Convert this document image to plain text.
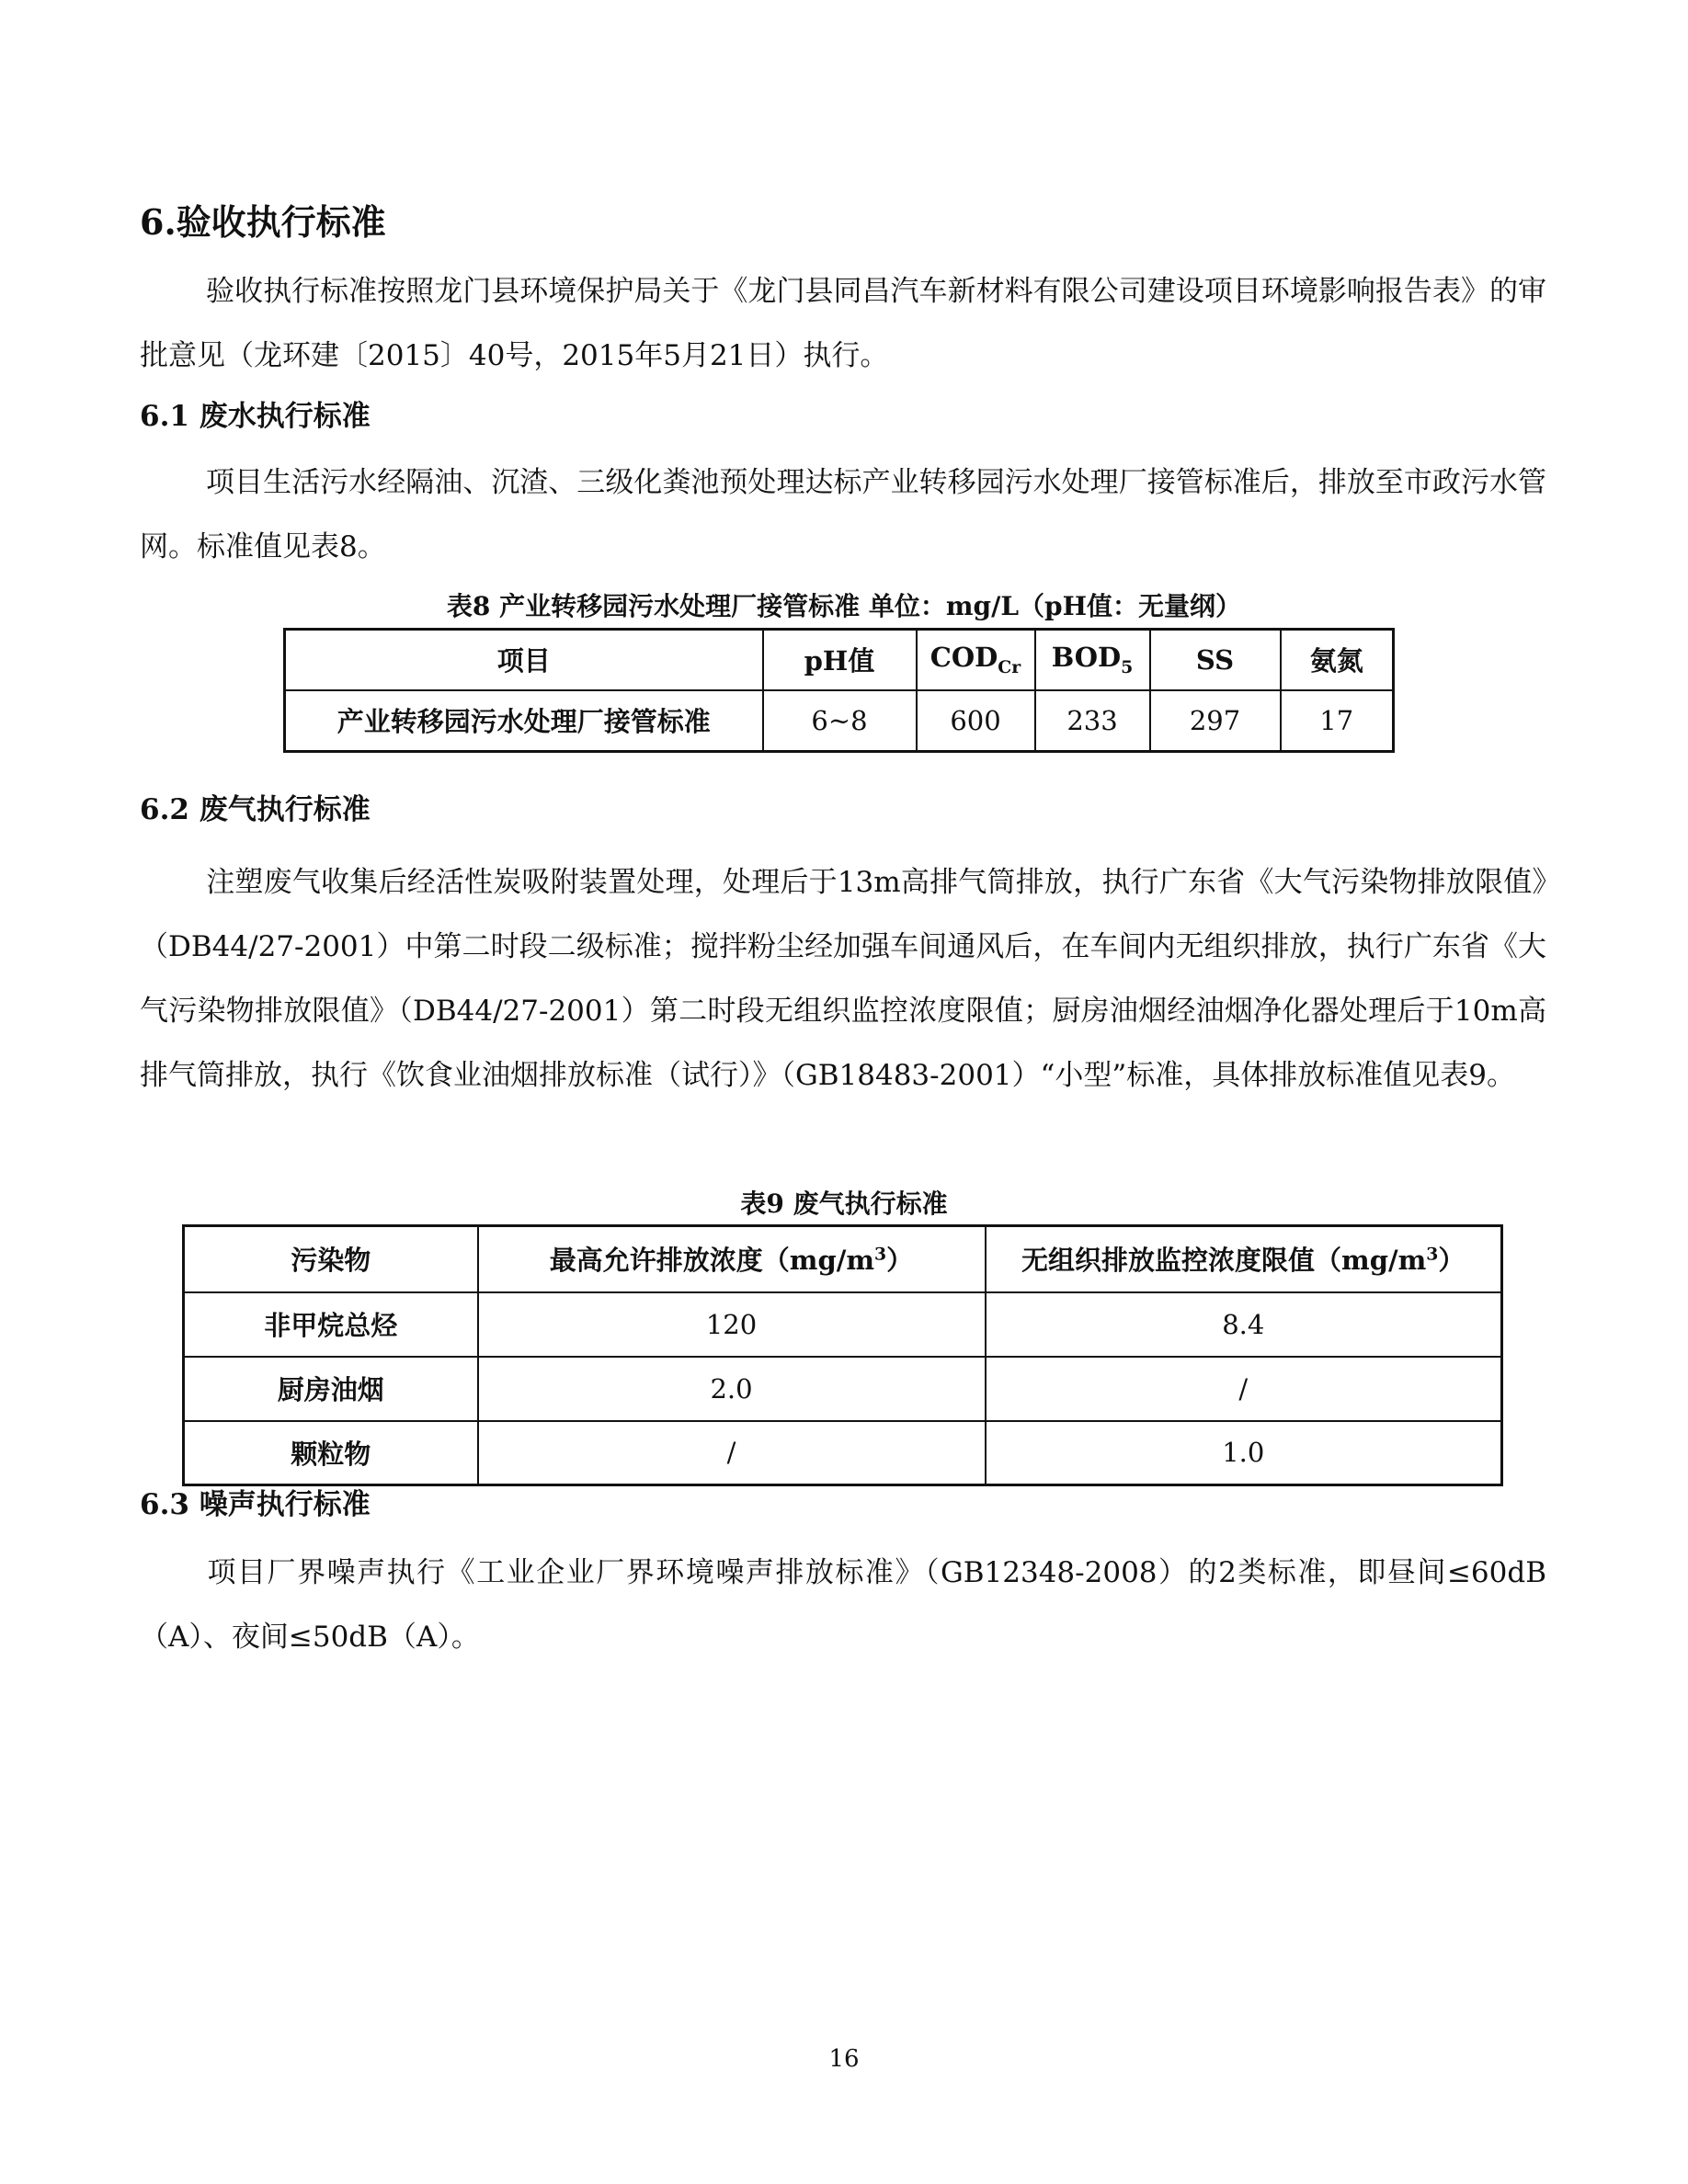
6.验收执行标准
验收执行标准按照龙门县环境保护局关于《龙门县同昌汽车新材料有限公司建设项目环境影响报告表》的审批意见（龙环建〔2015〕40号，2015年5月21日）执行。
6.1 废水执行标准
项目生活污水经隔油、沉渣、三级化粪池预处理达标产业转移园污水处理厂接管标准后，排放至市政污水管网。标准值见表8。
表8 产业转移园污水处理厂接管标准 单位：mg/L（pH值：无量纲）
项目	pH值	$COD_{Cr}$	$BOD_5$	SS	氨氮
产业转移园污水处理厂接管标准	6~8	600	233	297	17
6.2 废气执行标准
注塑废气收集后经活性炭吸附装置处理，处理后于13m高排气筒排放，执行广东省《大气污染物排放限值》（DB44/27-2001）中第二时段二级标准；搅拌粉尘经加强车间通风后，在车间内无组织排放，执行广东省《大气污染物排放限值》（DB44/27-2001）第二时段无组织监控浓度限值；厨房油烟经油烟净化器处理后于10m高排气筒排放，执行《饮食业油烟排放标准（试行）》（GB18483-2001）“小型”标准，具体排放标准值见表9。
表9 废气执行标准
污染物	最高允许排放浓度$(mg/m^3)$	无组织排放监控浓度限值$(mg/m^3)$
非甲烷总烃	120	8.4
厨房油烟	2.0	/
颗粒物	/	1.0
6.3 噪声执行标准
项目厂界噪声执行《工业企业厂界环境噪声排放标准》（GB12348-2008）的2类标准，即昼间≤60dB（A）、夜间≤50dB（A）。
16
